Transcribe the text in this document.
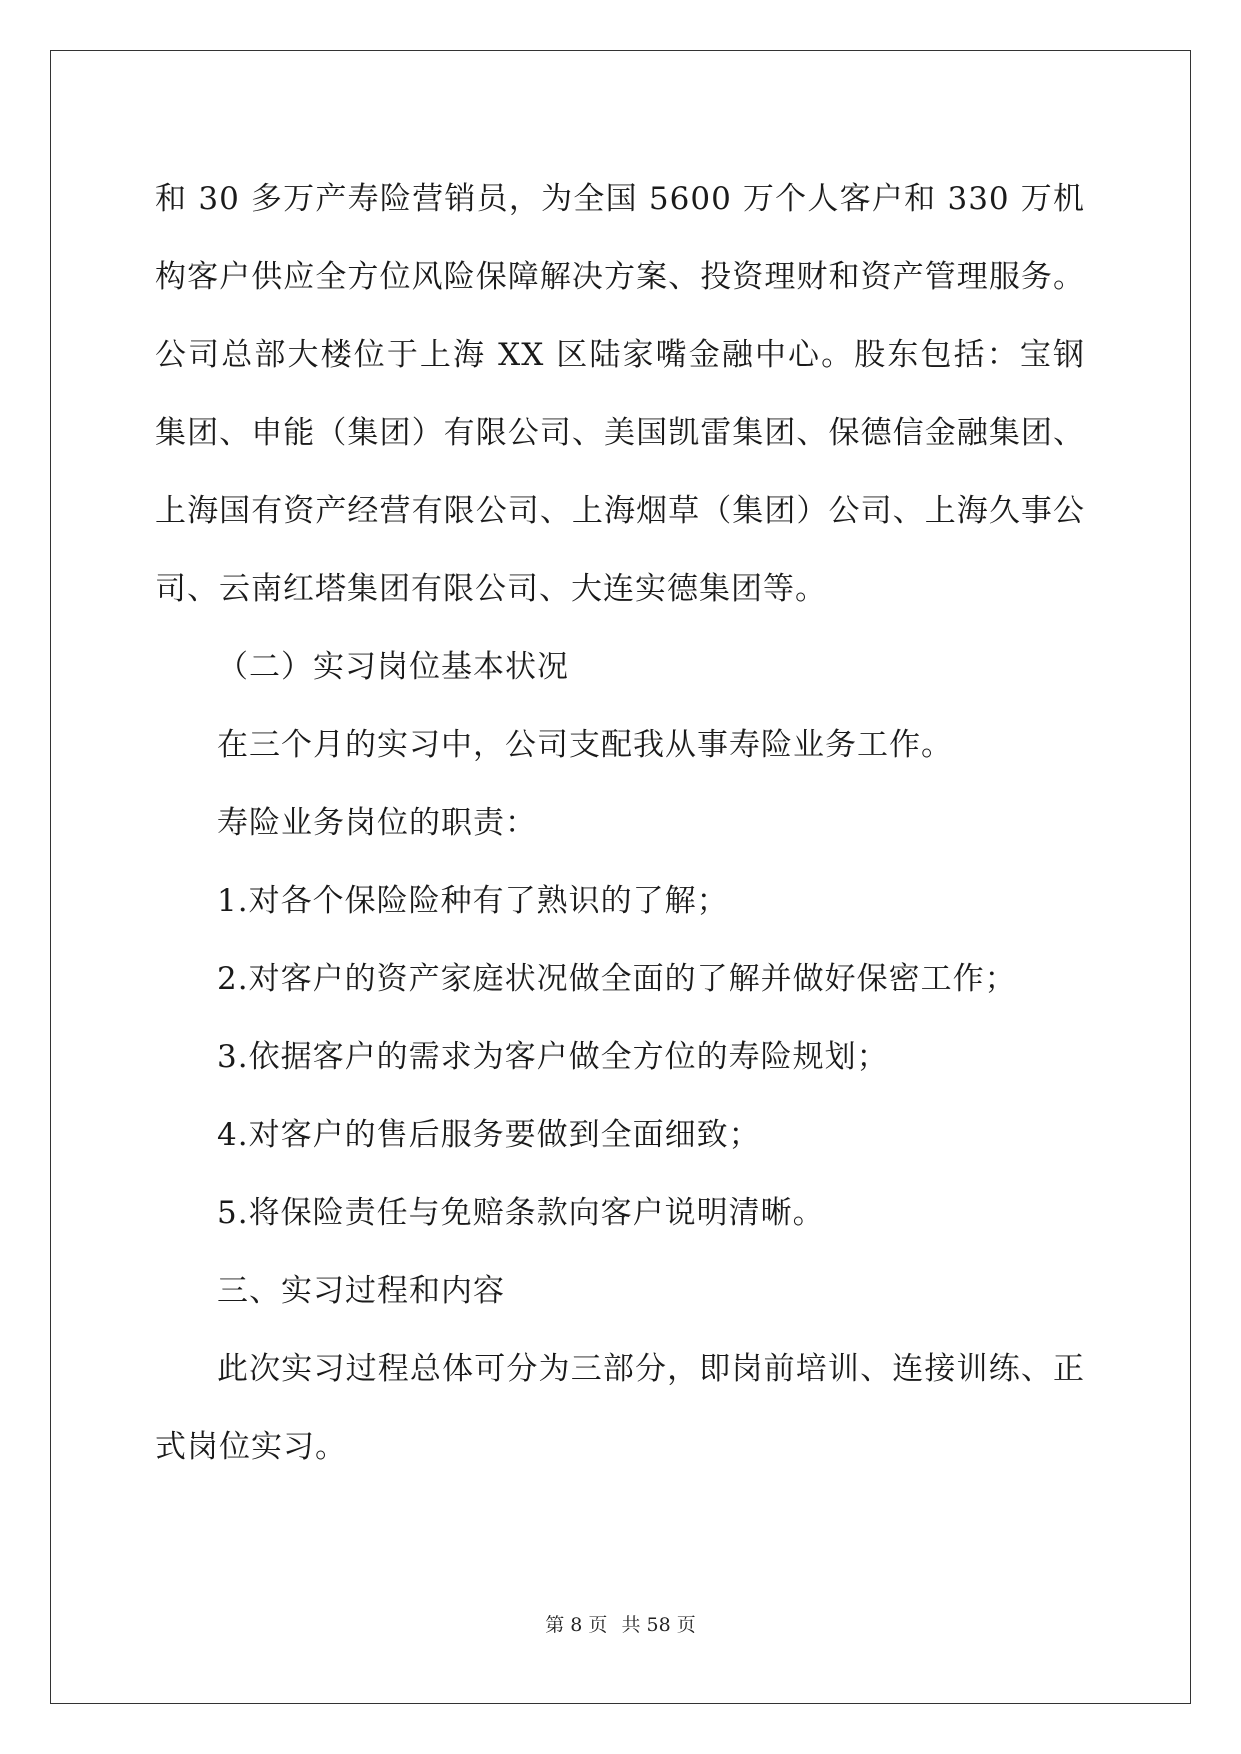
和 30 多万产寿险营销员，为全国 5600 万个人客户和 330 万机构客户供应全方位风险保障解决方案、投资理财和资产管理服务。公司总部大楼位于上海 XX 区陆家嘴金融中心。股东包括：宝钢集团、申能（集团）有限公司、美国凯雷集团、保德信金融集团、上海国有资产经营有限公司、上海烟草（集团）公司、上海久事公司、云南红塔集团有限公司、大连实德集团等。

（二）实习岗位基本状况

在三个月的实习中，公司支配我从事寿险业务工作。

寿险业务岗位的职责：

1.对各个保险险种有了熟识的了解；

2.对客户的资产家庭状况做全面的了解并做好保密工作；

3.依据客户的需求为客户做全方位的寿险规划；

4.对客户的售后服务要做到全面细致；

5.将保险责任与免赔条款向客户说明清晰。

三、实习过程和内容

此次实习过程总体可分为三部分，即岗前培训、连接训练、正式岗位实习。

第 8 页 共 58 页
